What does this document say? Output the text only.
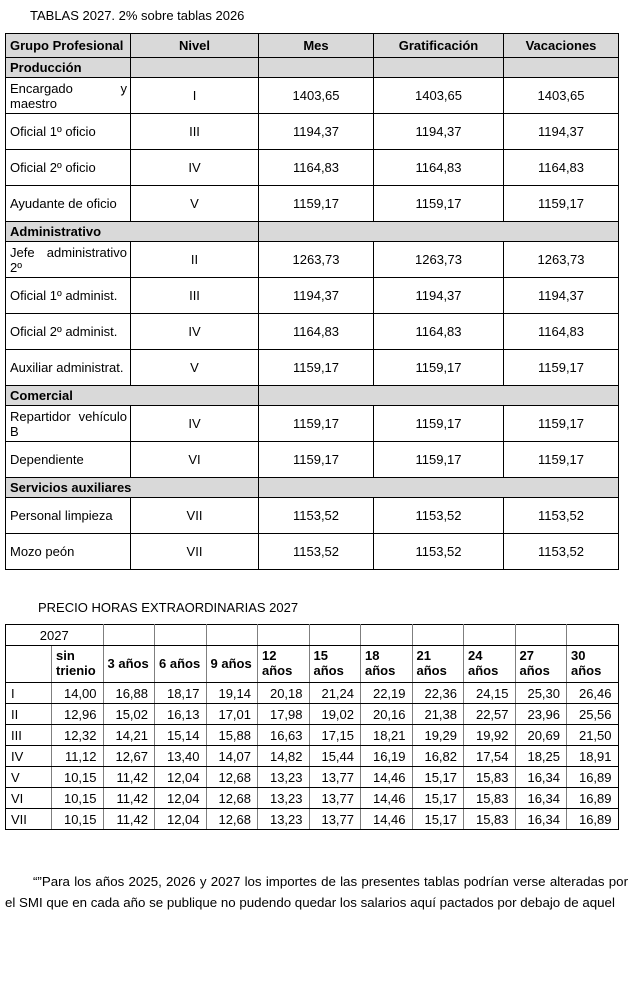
TABLAS 2027. 2% sobre tablas 2026

Grupo Profesional	Nivel	Mes	Gratificación	Vacaciones
Producción				
Encargado y maestro	I	1403,65	1403,65	1403,65
Oficial 1º oficio	III	1194,37	1194,37	1194,37
Oficial 2º oficio	IV	1164,83	1164,83	1164,83
Ayudante de oficio	V	1159,17	1159,17	1159,17
Administrativo				
Jefe administrativo 2º	II	1263,73	1263,73	1263,73
Oficial 1º administ.	III	1194,37	1194,37	1194,37
Oficial 2º administ.	IV	1164,83	1164,83	1164,83
Auxiliar administrat.	V	1159,17	1159,17	1159,17
Comercial				
Repartidor vehículo B	IV	1159,17	1159,17	1159,17
Dependiente	VI	1159,17	1159,17	1159,17
Servicios auxiliares				
Personal limpieza	VII	1153,52	1153,52	1153,52
Mozo peón	VII	1153,52	1153,52	1153,52

PRECIO HORAS EXTRAORDINARIAS 2027

2027											
	sin trienio	3 años	6 años	9 años	12 años	15 años	18 años	21 años	24 años	27 años	30 años
I	14,00	16,88	18,17	19,14	20,18	21,24	22,19	22,36	24,15	25,30	26,46
II	12,96	15,02	16,13	17,01	17,98	19,02	20,16	21,38	22,57	23,96	25,56
III	12,32	14,21	15,14	15,88	16,63	17,15	18,21	19,29	19,92	20,69	21,50
IV	11,12	12,67	13,40	14,07	14,82	15,44	16,19	16,82	17,54	18,25	18,91
V	10,15	11,42	12,04	12,68	13,23	13,77	14,46	15,17	15,83	16,34	16,89
VI	10,15	11,42	12,04	12,68	13,23	13,77	14,46	15,17	15,83	16,34	16,89
VII	10,15	11,42	12,04	12,68	13,23	13,77	14,46	15,17	15,83	16,34	16,89

“”Para los años 2025, 2026 y 2027 los importes de las presentes tablas podrían verse alteradas por el SMI que en cada año se publique no pudendo quedar los salarios aquí pactados por debajo de aquel
